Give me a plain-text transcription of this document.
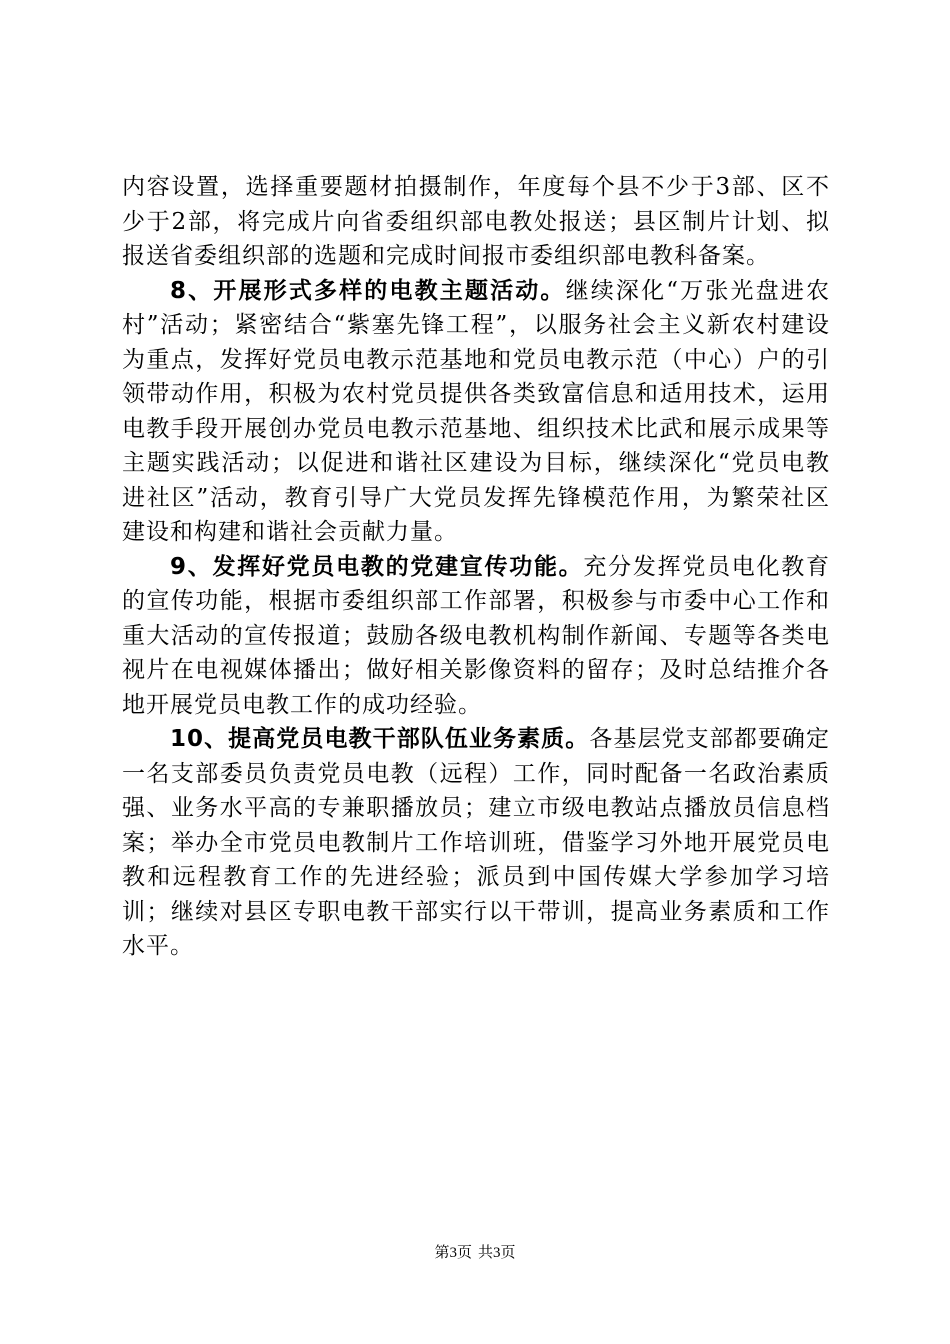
内容设置，选择重要题材拍摄制作，年度每个县不少于3部、区不少于2部，将完成片向省委组织部电教处报送；县区制片计划、拟报送省委组织部的选题和完成时间报市委组织部电教科备案。

8、开展形式多样的电教主题活动。继续深化“万张光盘进农村”活动；紧密结合“紫塞先锋工程”，以服务社会主义新农村建设为重点，发挥好党员电教示范基地和党员电教示范（中心）户的引领带动作用，积极为农村党员提供各类致富信息和适用技术，运用电教手段开展创办党员电教示范基地、组织技术比武和展示成果等主题实践活动；以促进和谐社区建设为目标，继续深化“党员电教进社区”活动，教育引导广大党员发挥先锋模范作用，为繁荣社区建设和构建和谐社会贡献力量。

9、发挥好党员电教的党建宣传功能。充分发挥党员电化教育的宣传功能，根据市委组织部工作部署，积极参与市委中心工作和重大活动的宣传报道；鼓励各级电教机构制作新闻、专题等各类电视片在电视媒体播出；做好相关影像资料的留存；及时总结推介各地开展党员电教工作的成功经验。

10、提高党员电教干部队伍业务素质。各基层党支部都要确定一名支部委员负责党员电教（远程）工作，同时配备一名政治素质强、业务水平高的专兼职播放员；建立市级电教站点播放员信息档案；举办全市党员电教制片工作培训班，借鉴学习外地开展党员电教和远程教育工作的先进经验；派员到中国传媒大学参加学习培训；继续对县区专职电教干部实行以干带训，提高业务素质和工作水平。

第3页 共3页
